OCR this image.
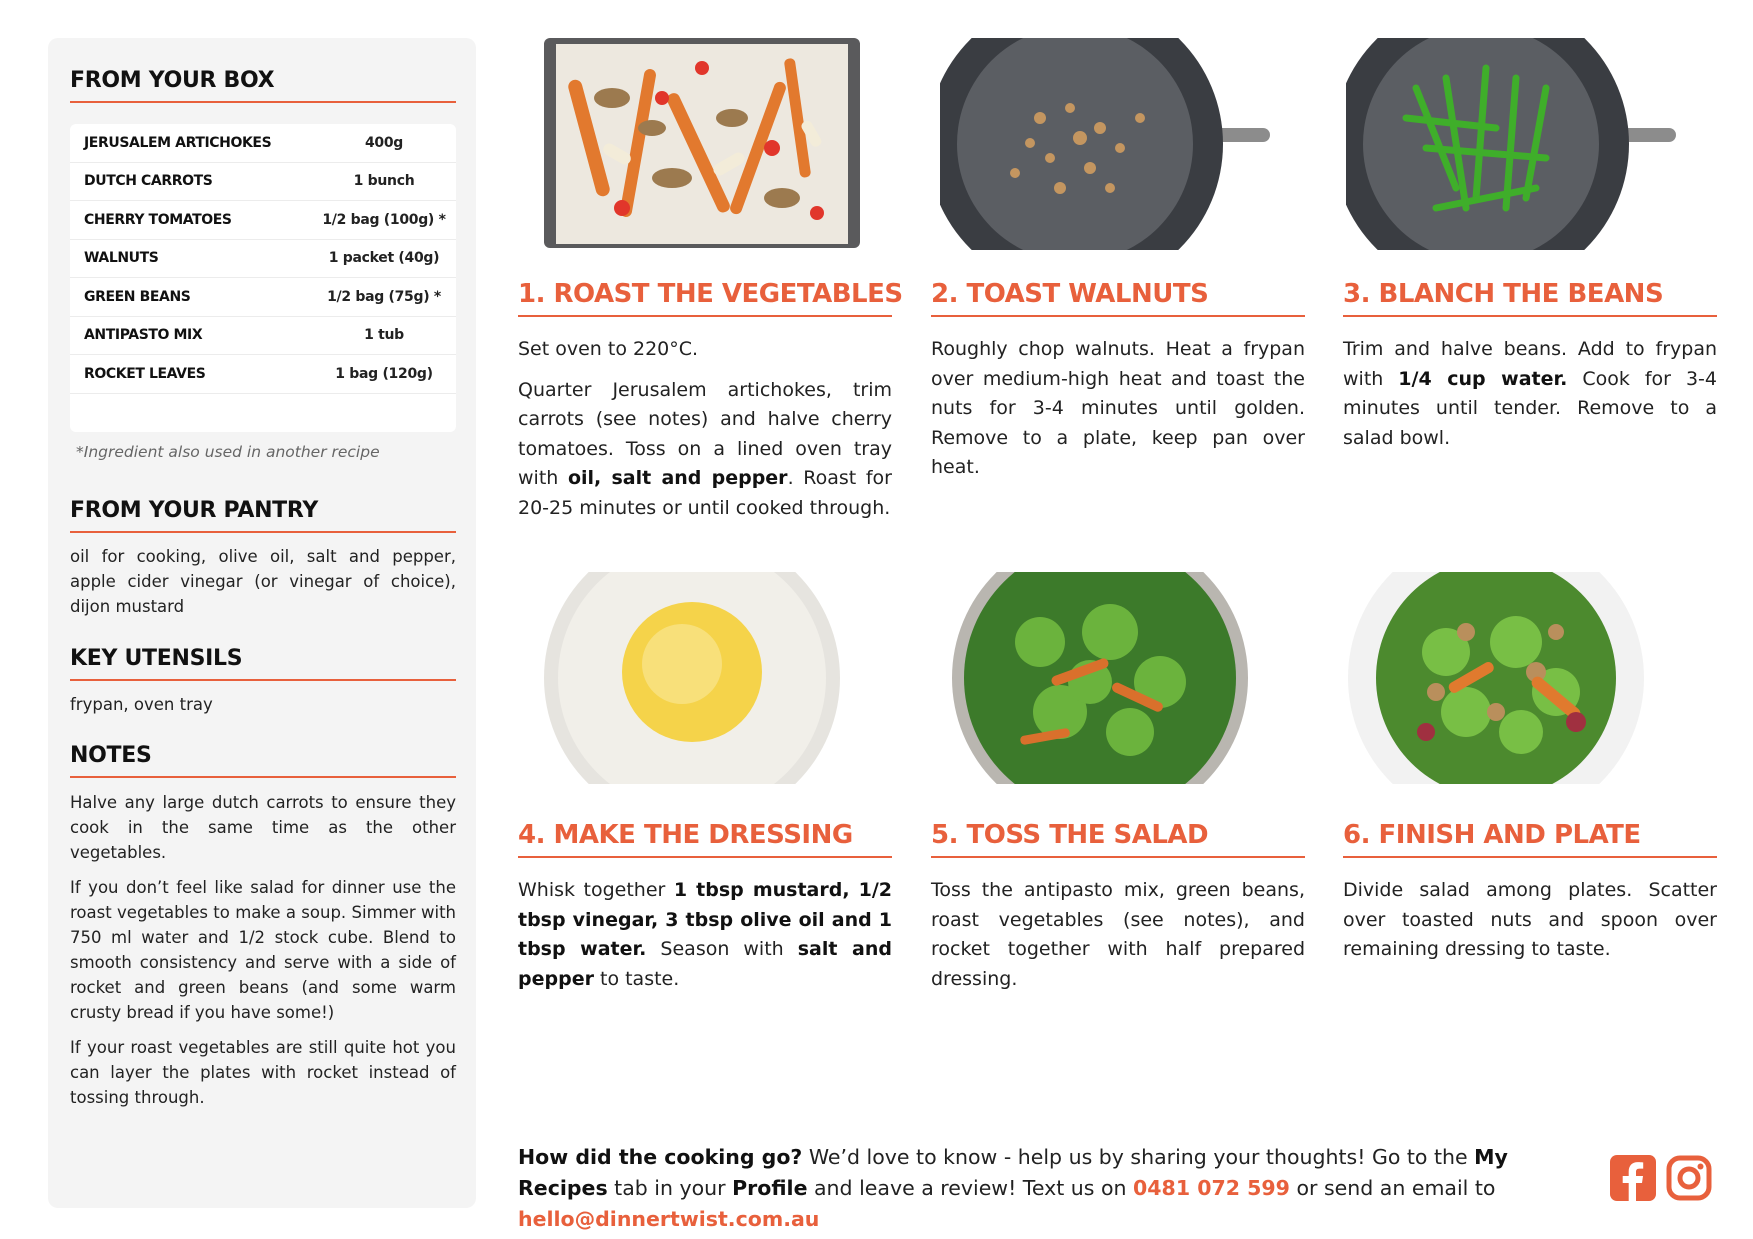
FROM YOUR BOX
JERUSALEM ARTICHOKES	400g
DUTCH CARROTS	1 bunch
CHERRY TOMATOES	1/2 bag (100g) *
WALNUTS	1 packet (40g)
GREEN BEANS	1/2 bag (75g) *
ANTIPASTO MIX	1 tub
ROCKET LEAVES	1 bag (120g)
*Ingredient also used in another recipe
FROM YOUR PANTRY

oil for cooking, olive oil, salt and pepper, apple cider vinegar (or vinegar of choice), dijon mustard

KEY UTENSILS

frypan, oven tray

NOTES

Halve any large dutch carrots to ensure they cook in the same time as the other vegetables.

If you don’t feel like salad for dinner use the roast vegetables to make a soup. Simmer with 750 ml water and 1/2 stock cube. Blend to smooth consistency and serve with a side of rocket and green beans (and some warm crusty bread if you have some!)

If your roast vegetables are still quite hot you can layer the plates with rocket instead of tossing through.

1. ROAST THE VEGETABLES

Set oven to 220°C.

Quarter Jerusalem artichokes, trim carrots (see notes) and halve cherry tomatoes. Toss on a lined oven tray with oil, salt and pepper. Roast for 20-25 minutes or until cooked through.

2. TOAST WALNUTS

Roughly chop walnuts. Heat a frypan over medium-high heat and toast the nuts for 3-4 minutes until golden. Remove to a plate, keep pan over heat.

3. BLANCH THE BEANS

Trim and halve beans. Add to frypan with 1/4 cup water. Cook for 3-4 minutes until tender. Remove to a salad bowl.

4. MAKE THE DRESSING

Whisk together 1 tbsp mustard, 1/2 tbsp vinegar, 3 tbsp olive oil and 1 tbsp water. Season with salt and pepper to taste.

5. TOSS THE SALAD

Toss the antipasto mix, green beans, roast vegetables (see notes), and rocket together with half prepared dressing.

6. FINISH AND PLATE

Divide salad among plates. Scatter over toasted nuts and spoon over remaining dressing to taste.

How did the cooking go? We’d love to know - help us by sharing your thoughts! Go to the My Recipes tab in your Profile and leave a review! Text us on 0481 072 599 or send an email to hello@dinnertwist.com.au
